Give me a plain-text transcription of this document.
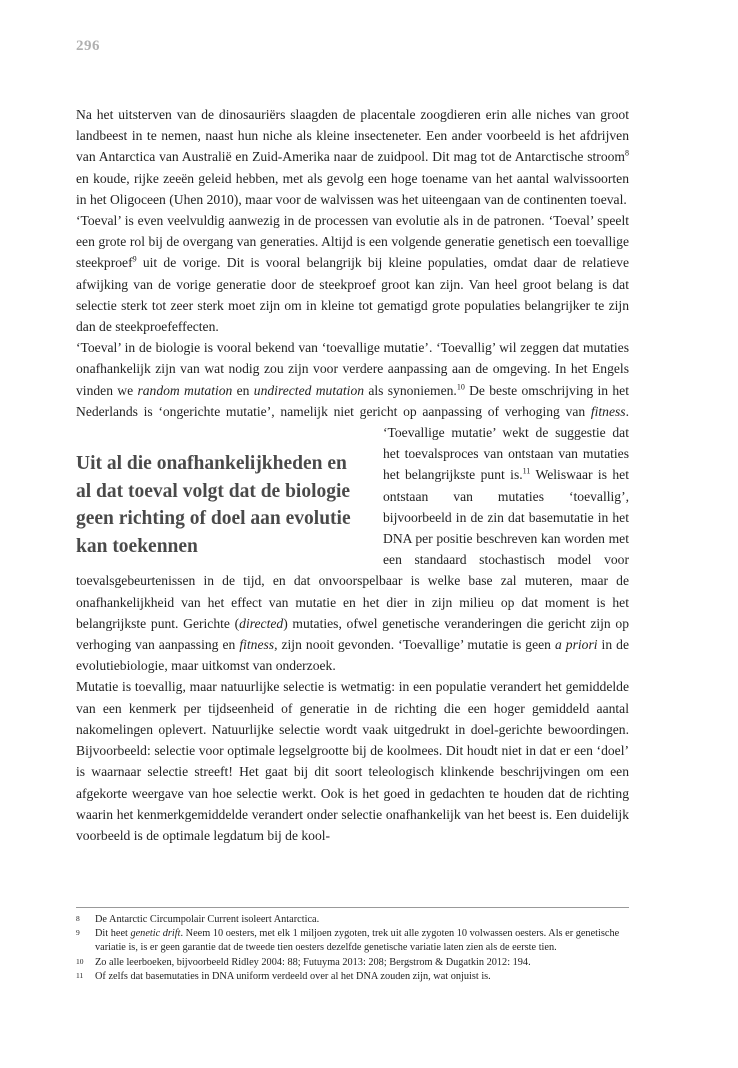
296

Na het uitsterven van de dinosauriërs slaagden de placentale zoogdieren erin alle niches van groot landbeest in te nemen, naast hun niche als kleine insecteneter. Een ander voorbeeld is het afdrijven van Antarctica van Australië en Zuid-Amerika naar de zuidpool. Dit mag tot de Antarctische stroom$^8$ en koude, rijke zeeën geleid hebben, met als gevolg een hoge toename van het aantal walvissoorten in het Oligoceen (Uhen 2010), maar voor de walvissen was het uiteengaan van de continenten toeval.

‘Toeval’ is even veelvuldig aanwezig in de processen van evolutie als in de patronen. ‘Toeval’ speelt een grote rol bij de overgang van generaties. Altijd is een volgende generatie genetisch een toevallige steekproef$^9$ uit de vorige. Dit is vooral belangrijk bij kleine populaties, omdat daar de relatieve afwijking van de vorige generatie door de steekproef groot kan zijn. Van heel groot belang is dat selectie sterk tot zeer sterk moet zijn om in kleine tot gematigd grote populaties belangrijker te zijn dan de steekproefeffecten.

‘Toeval’ in de biologie is vooral bekend van ‘toevallige mutatie’. ‘Toevallig’ wil zeggen dat mutaties onafhankelijk zijn van wat nodig zou zijn voor verdere aanpassing aan de omgeving. In het Engels vinden we random mutation en undirected mutation als synoniemen.$^{10}$ De beste omschrijving in het Nederlands is ‘ongerichte mutatie’, namelijk niet gericht op aanpassing of verhoging van
Uit al die onafhankelijkheden en al dat toeval volgt dat de biologie geen richting of doel aan evolutie kan toekennen
fitness. ‘Toevallige mutatie’ wekt de suggestie dat het toevalsproces van ontstaan van mutaties het belangrijkste punt is.$^{11}$ Weliswaar is het ontstaan van mutaties ‘toevallig’, bijvoorbeeld in de zin dat basemutatie in het DNA per positie beschreven kan worden met een standaard stochastisch model voor toevalsgebeurtenissen in de tijd, en dat onvoorspelbaar is welke base zal muteren, maar de onafhankelijkheid van het effect van mutatie en het dier in zijn milieu op dat moment is het belangrijkste punt. Gerichte (directed) mutaties, ofwel genetische veranderingen die gericht zijn op verhoging van aanpassing en fitness, zijn nooit gevonden. ‘Toevallige’ mutatie is geen a priori in de evolutiebiologie, maar uitkomst van onderzoek.

Mutatie is toevallig, maar natuurlijke selectie is wetmatig: in een populatie verandert het gemiddelde van een kenmerk per tijdseenheid of generatie in de richting die een hoger gemiddeld aantal nakomelingen oplevert. Natuurlijke selectie wordt vaak uitgedrukt in doel-gerichte bewoordingen. Bijvoorbeeld: selectie voor optimale legselgrootte bij de koolmees. Dit houdt niet in dat er een ‘doel’ is waarnaar selectie streeft! Het gaat bij dit soort teleologisch klinkende beschrijvingen om een afgekorte weergave van hoe selectie werkt. Ook is het goed in gedachten te houden dat de richting waarin het kenmerkgemiddelde verandert onder selectie onafhankelijk van het beest is. Een duidelijk voorbeeld is de optimale legdatum bij de kool-

8 De Antarctic Circumpolair Current isoleert Antarctica.
9 Dit heet genetic drift. Neem 10 oesters, met elk 1 miljoen zygoten, trek uit alle zygoten 10 volwassen oesters. Als er genetische variatie is, is er geen garantie dat de tweede tien oesters dezelfde genetische variatie laten zien als de eerste tien.
10 Zo alle leerboeken, bijvoorbeeld Ridley 2004: 88; Futuyma 2013: 208; Bergstrom & Dugatkin 2012: 194.
11 Of zelfs dat basemutaties in DNA uniform verdeeld over al het DNA zouden zijn, wat onjuist is.
